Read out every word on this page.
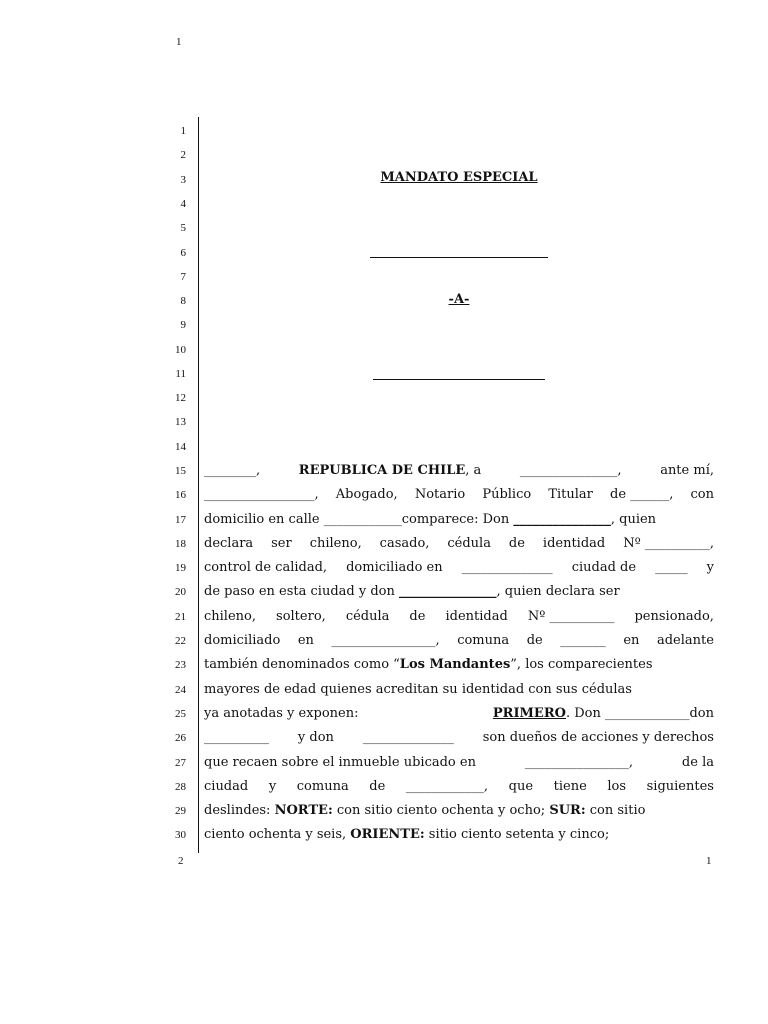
1
1
2
3
4
5
6
7
8
9
10
11
12
13
14
15
16
17
18
19
20
21
22
23
24
25
26
27
28
29
30
MANDATO ESPECIAL
-A-
________,	REPUBLICA DE CHILE, a	_______________,	ante mí,
_________________, Abogado, Notario Público Titular de ______, con
domicilio en calle ____________comparece: Don _______________, quien
declara ser chileno, casado, cédula de identidad Nº __________,
control de calidad, domiciliado en ______________ ciudad de _____ y
de paso en esta ciudad y don _______________, quien declara ser
chileno, soltero, cédula de identidad Nº __________ pensionado,
domiciliado en ________________, comuna de _______ en adelante
también denominados como “Los Mandantes”, los comparecientes
mayores de edad quienes acreditan su identidad con sus cédulas
ya anotadas y exponen:	PRIMERO. Don _____________don
__________ y don ______________ son dueños de acciones y derechos
que recaen sobre el inmueble ubicado en	________________,	de la
ciudad y comuna de ____________, que tiene los siguientes
deslindes: NORTE: con sitio ciento ochenta y ocho; SUR: con sitio
ciento ochenta y seis, ORIENTE: sitio ciento setenta y cinco;
2	1
